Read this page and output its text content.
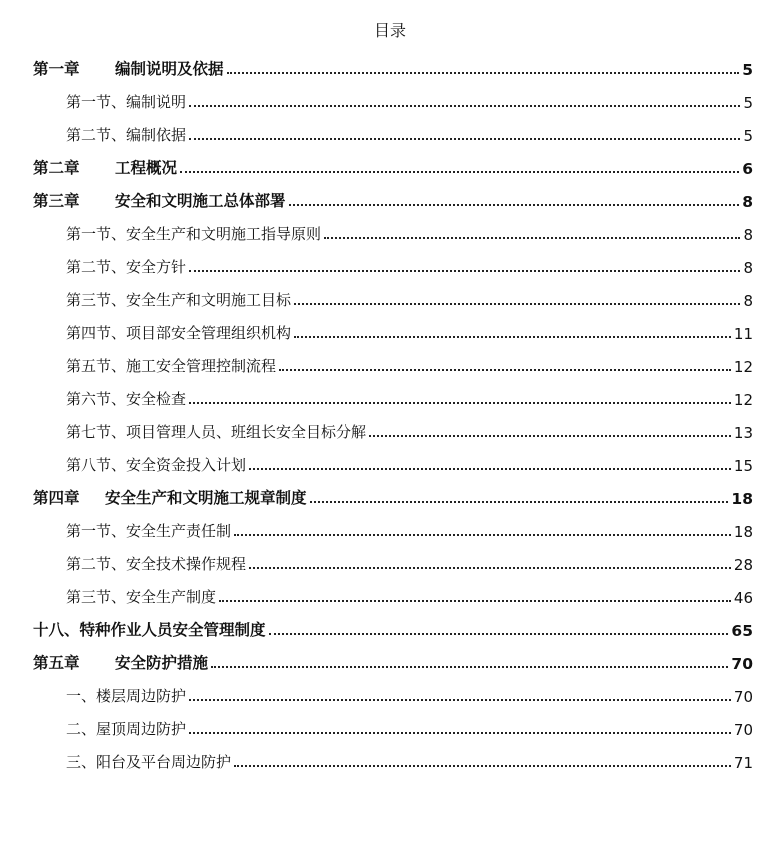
目录
第一章	编制说明及依据	5
第一节、 编制说明	5
第二节、 编制依据	5
第二章	工程概况	6
第三章	安全和文明施工总体部署	8
第一节、 安全生产和文明施工指导原则	8
第二节、 安全方针	8
第三节、 安全生产和文明施工目标	8
第四节、 项目部安全管理组织机构	11
第五节、 施工安全管理控制流程	12
第六节、 安全检查	12
第七节、 项目管理人员、班组长安全目标分解	13
第八节、 安全资金投入计划	15
第四章	安全生产和文明施工规章制度	18
第一节、 安全生产责任制	18
第二节、 安全技术操作规程	28
第三节、 安全生产制度	46
十八、 特种作业人员安全管理制度	65
第五章	安全防护措施	70
一、 楼层周边防护	70
二、 屋顶周边防护	70
三、 阳台及平台周边防护	71
